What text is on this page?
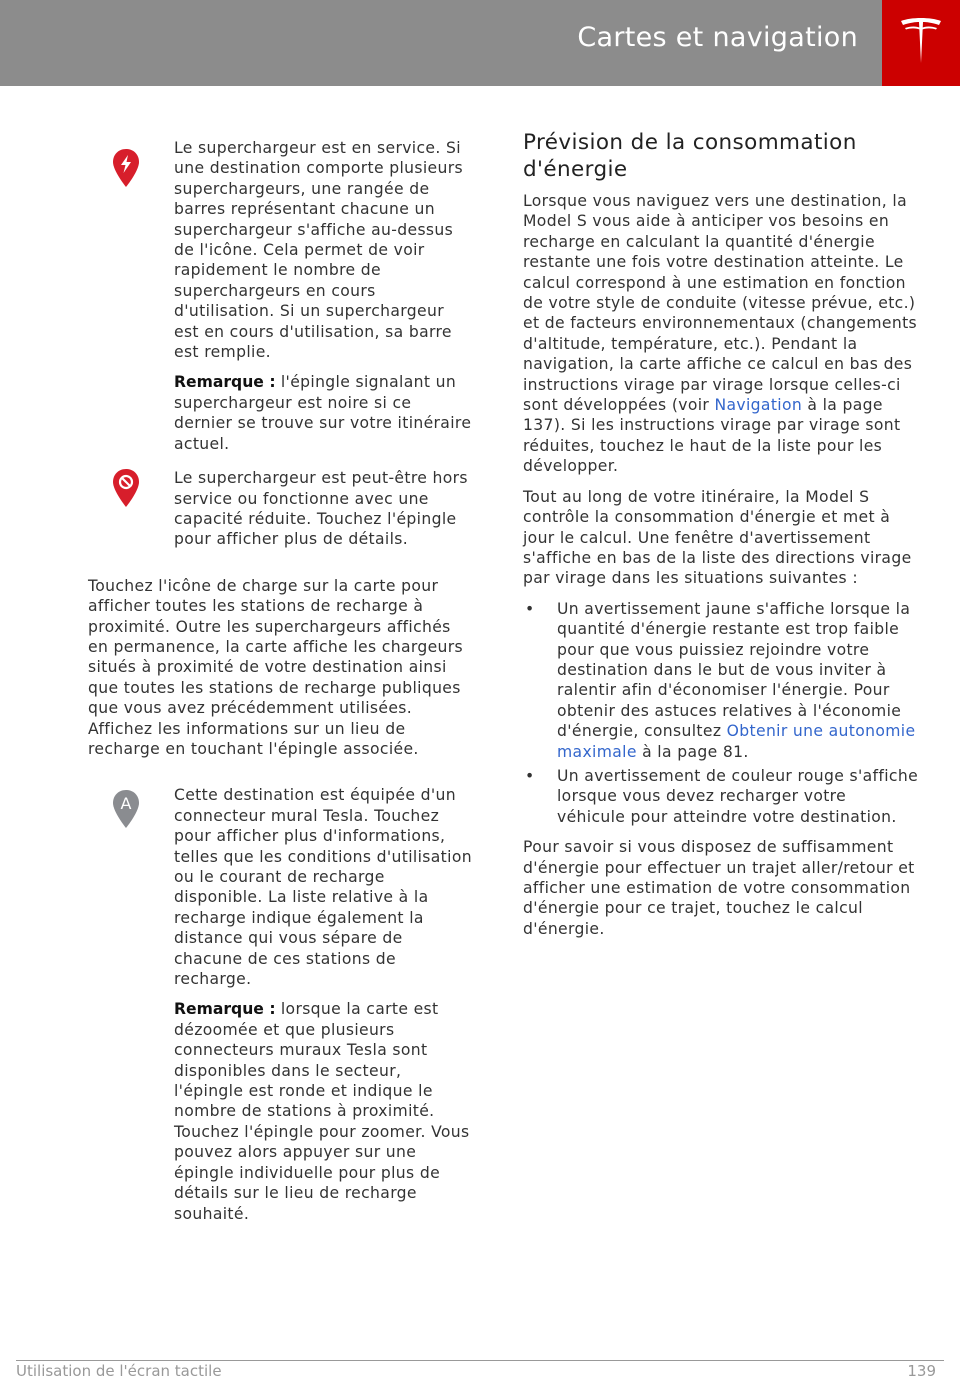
Cartes et navigation

Le superchargeur est en service. Si une destination comporte plusieurs superchargeurs, une rangée de barres représentant chacune un superchargeur s'affiche au-dessus de l'icône. Cela permet de voir rapidement le nombre de superchargeurs en cours d'utilisation. Si un superchargeur est en cours d'utilisation, sa barre est remplie.

Remarque : l'épingle signalant un superchargeur est noire si ce dernier se trouve sur votre itinéraire actuel.

Le superchargeur est peut-être hors service ou fonctionne avec une capacité réduite. Touchez l'épingle pour afficher plus de détails.

Touchez l'icône de charge sur la carte pour afficher toutes les stations de recharge à proximité. Outre les superchargeurs affichés en permanence, la carte affiche les chargeurs situés à proximité de votre destination ainsi que toutes les stations de recharge publiques que vous avez précédemment utilisées. Affichez les informations sur un lieu de recharge en touchant l'épingle associée.

A	Cette destination est équipée d'un connecteur mural Tesla. Touchez pour afficher plus d'informations, telles que les conditions d'utilisation ou le courant de recharge disponible. La liste relative à la recharge indique également la distance qui vous sépare de chacune de ces stations de recharge.

Remarque : lorsque la carte est dézoomée et que plusieurs connecteurs muraux Tesla sont disponibles dans le secteur, l'épingle est ronde et indique le nombre de stations à proximité. Touchez l'épingle pour zoomer. Vous pouvez alors appuyer sur une épingle individuelle pour plus de détails sur le lieu de recharge souhaité.

Prévision de la consommation d'énergie

Lorsque vous naviguez vers une destination, la Model S vous aide à anticiper vos besoins en recharge en calculant la quantité d'énergie restante une fois votre destination atteinte. Le calcul correspond à une estimation en fonction de votre style de conduite (vitesse prévue, etc.) et de facteurs environnementaux (changements d'altitude, température, etc.). Pendant la navigation, la carte affiche ce calcul en bas des instructions virage par virage lorsque celles-ci sont développées (voir Navigation à la page 137). Si les instructions virage par virage sont réduites, touchez le haut de la liste pour les développer.

Tout au long de votre itinéraire, la Model S contrôle la consommation d'énergie et met à jour le calcul. Une fenêtre d'avertissement s'affiche en bas de la liste des directions virage par virage dans les situations suivantes :

• Un avertissement jaune s'affiche lorsque la quantité d'énergie restante est trop faible pour que vous puissiez rejoindre votre destination dans le but de vous inviter à ralentir afin d'économiser l'énergie. Pour obtenir des astuces relatives à l'économie d'énergie, consultez Obtenir une autonomie maximale à la page 81.
• Un avertissement de couleur rouge s'affiche lorsque vous devez recharger votre véhicule pour atteindre votre destination.

Pour savoir si vous disposez de suffisamment d'énergie pour effectuer un trajet aller/retour et afficher une estimation de votre consommation d'énergie pour ce trajet, touchez le calcul d'énergie.

Utilisation de l'écran tactile	139
